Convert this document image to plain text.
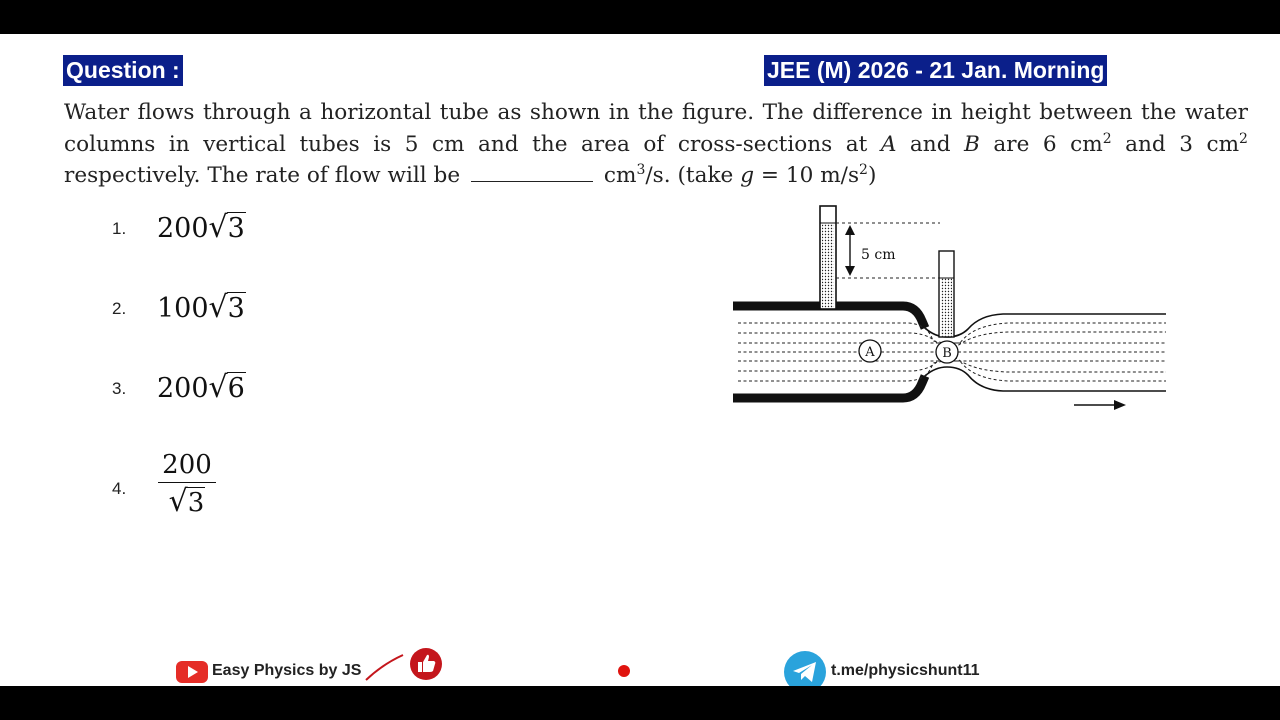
Question :	JEE (M) 2026 - 21 Jan. Morning
Water flows through a horizontal tube as shown in the figure. The difference in height between the water columns in vertical tubes is 5 cm and the area of cross-sections at A and B are 6 $cm^2$ and 3 $cm^2$ respectively. The rate of flow will be	$cm^3/s$. (take g = 10 $m/s^2$)
1. 200√3
2. 100√3
3. 200√6
4. $\frac{200}{√3}$
5 cm
A	B
Easy Physics by JS	t.me/physicshunt11
